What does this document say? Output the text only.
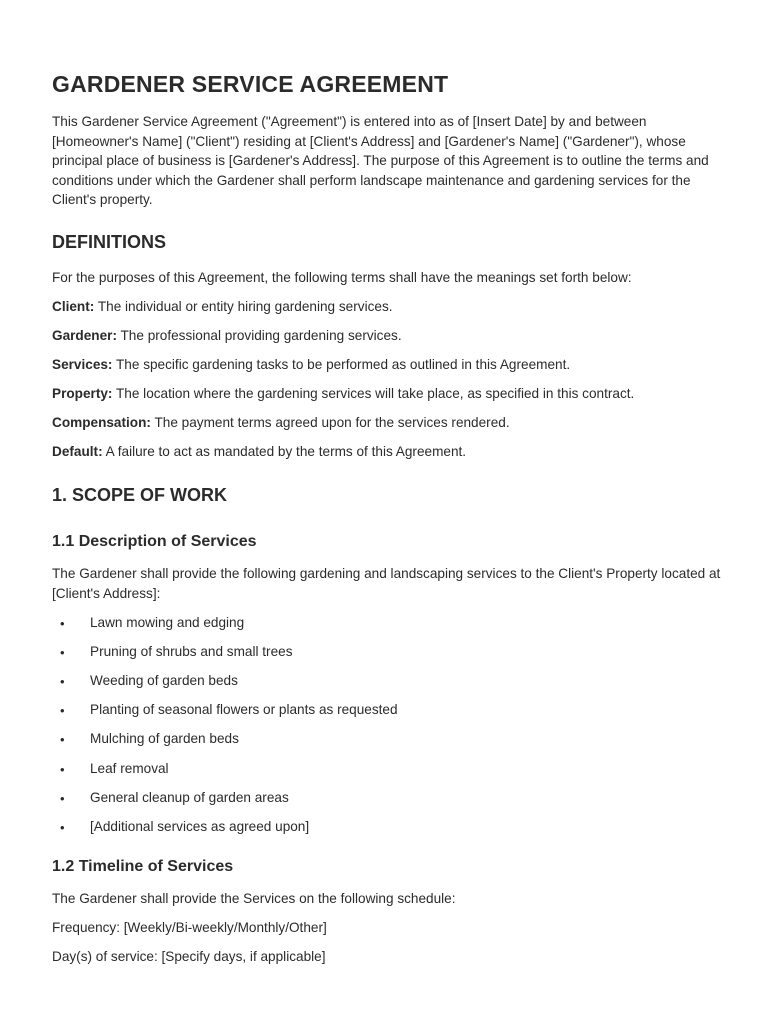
GARDENER SERVICE AGREEMENT

This Gardener Service Agreement ("Agreement") is entered into as of [Insert Date] by and between [Homeowner's Name] ("Client") residing at [Client's Address] and [Gardener's Name] ("Gardener"), whose principal place of business is [Gardener's Address]. The purpose of this Agreement is to outline the terms and conditions under which the Gardener shall perform landscape maintenance and gardening services for the Client's property.

DEFINITIONS

For the purposes of this Agreement, the following terms shall have the meanings set forth below:

Client: The individual or entity hiring gardening services.

Gardener: The professional providing gardening services.

Services: The specific gardening tasks to be performed as outlined in this Agreement.

Property: The location where the gardening services will take place, as specified in this contract.

Compensation: The payment terms agreed upon for the services rendered.

Default: A failure to act as mandated by the terms of this Agreement.

1. SCOPE OF WORK
1.1 Description of Services

The Gardener shall provide the following gardening and landscaping services to the Client's Property located at [Client's Address]:

• Lawn mowing and edging
• Pruning of shrubs and small trees
• Weeding of garden beds
• Planting of seasonal flowers or plants as requested
• Mulching of garden beds
• Leaf removal
• General cleanup of garden areas
• [Additional services as agreed upon]
1.2 Timeline of Services

The Gardener shall provide the Services on the following schedule:

Frequency: [Weekly/Bi-weekly/Monthly/Other]

Day(s) of service: [Specify days, if applicable]
